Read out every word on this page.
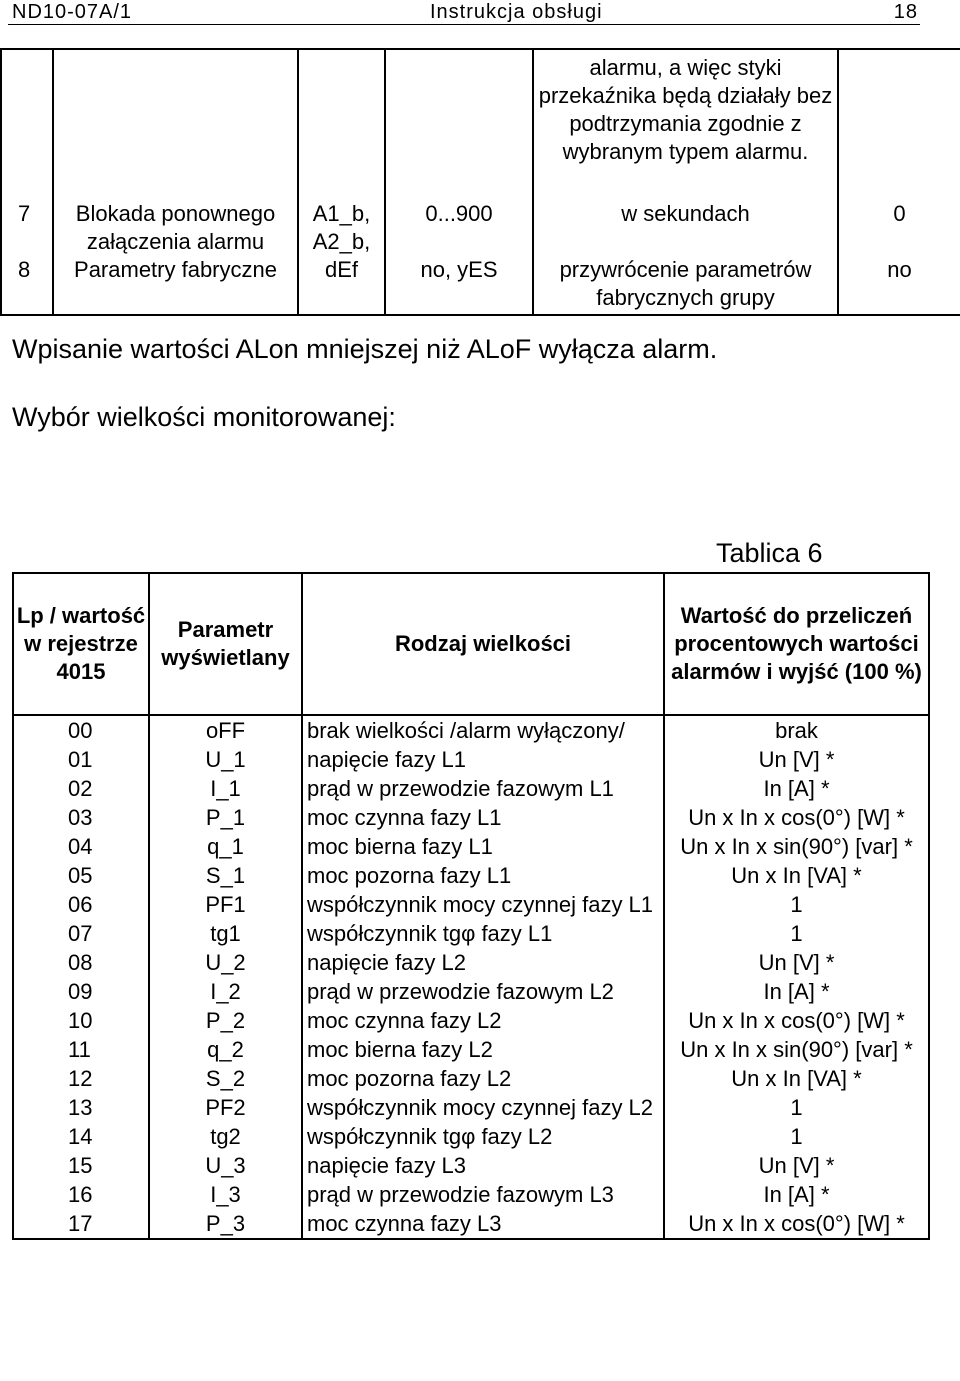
ND10-07A/1	Instrukcja obsługi	18
				alarmu, a więc styki przekaźnika będą działały bez podtrzymania zgodnie z wybranym typem alarmu.	
7	Blokada ponownego załączenia alarmu	A1_b, A2_b,	0...900	w sekundach	0
8	Parametry fabryczne	dEf	no, yES	przywrócenie parametrów fabrycznych grupy	no
Wpisanie wartości ALon mniejszej niż ALoF wyłącza alarm.
Wybór wielkości monitorowanej:
Tablica 6
Lp / wartość w rejestrze 4015	Parametr wyświetlany	Rodzaj wielkości	Wartość do przeliczeń procentowych wartości alarmów i wyjść (100 %)
00	oFF	brak wielkości /alarm wyłączony/	brak
01	U_1	napięcie fazy L1	Un [V] *
02	I_1	prąd w przewodzie fazowym L1	In [A] *
03	P_1	moc czynna fazy L1	Un x In x cos(0°) [W] *
04	q_1	moc bierna fazy L1	Un x In x sin(90°) [var] *
05	S_1	moc pozorna fazy L1	Un x In [VA] *
06	PF1	współczynnik mocy czynnej fazy L1	1
07	tg1	współczynnik tgφ fazy L1	1
08	U_2	napięcie fazy L2	Un [V] *
09	I_2	prąd w przewodzie fazowym L2	In [A] *
10	P_2	moc czynna fazy L2	Un x In x cos(0°) [W] *
11	q_2	moc bierna fazy L2	Un x In x sin(90°) [var] *
12	S_2	moc pozorna fazy L2	Un x In [VA] *
13	PF2	współczynnik mocy czynnej fazy L2	1
14	tg2	współczynnik tgφ fazy L2	1
15	U_3	napięcie fazy L3	Un [V] *
16	I_3	prąd w przewodzie fazowym L3	In [A] *
17	P_3	moc czynna fazy L3	Un x In x cos(0°) [W] *
